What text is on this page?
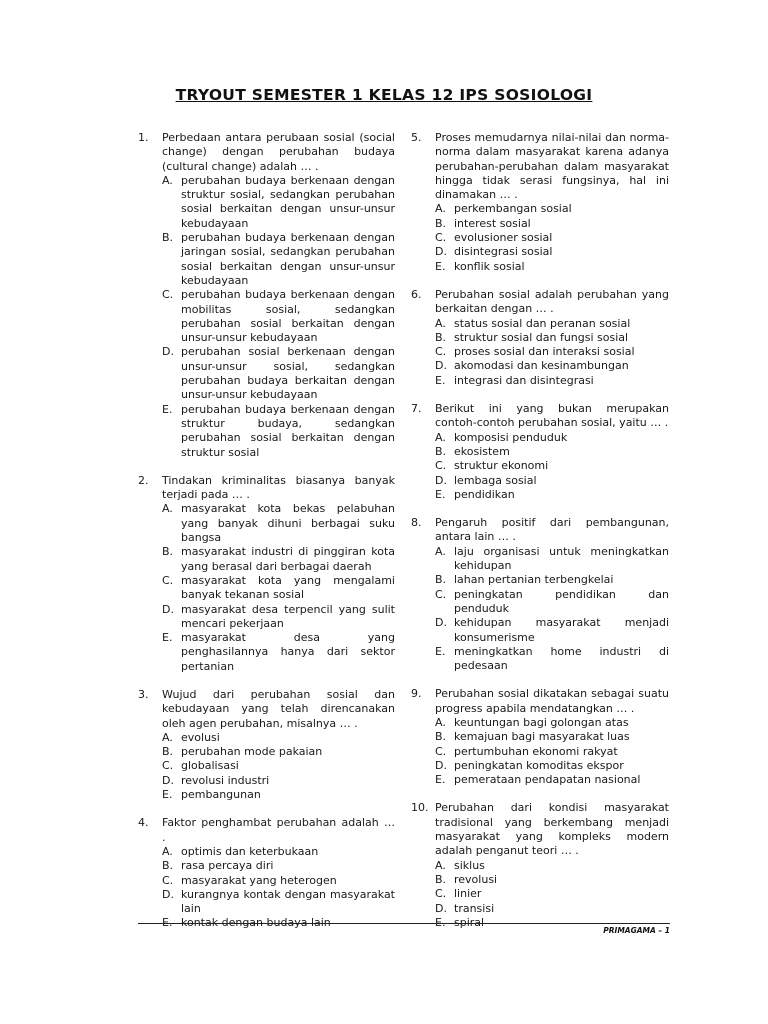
TRYOUT SEMESTER 1 KELAS 12 IPS SOSIOLOGI
1.	Perbedaan antara perubaan sosial (social change) dengan perubahan budaya (cultural change) adalah … .
A. perubahan budaya berkenaan dengan struktur sosial, sedangkan perubahan sosial berkaitan dengan unsur-unsur kebudayaan
B. perubahan budaya berkenaan dengan jaringan sosial, sedangkan perubahan sosial berkaitan dengan unsur-unsur kebudayaan
C. perubahan budaya berkenaan dengan mobilitas sosial, sedangkan perubahan sosial berkaitan dengan unsur-unsur kebudayaan
D. perubahan sosial berkenaan dengan unsur-unsur sosial, sedangkan perubahan budaya berkaitan dengan unsur-unsur kebudayaan
E. perubahan budaya berkenaan dengan struktur budaya, sedangkan perubahan sosial berkaitan dengan struktur sosial
2.	Tindakan kriminalitas biasanya banyak terjadi pada … .
A. masyarakat kota bekas pelabuhan yang banyak dihuni berbagai suku bangsa
B. masyarakat industri di pinggiran kota yang berasal dari berbagai daerah
C. masyarakat kota yang mengalami banyak tekanan sosial
D. masyarakat desa terpencil yang sulit mencari pekerjaan
E. masyarakat desa yang penghasilannya hanya dari sektor pertanian
3.	Wujud dari perubahan sosial dan kebudayaan yang telah direncanakan oleh agen perubahan, misalnya … .
A. evolusi
B. perubahan mode pakaian
C. globalisasi
D. revolusi industri
E. pembangunan
4.	Faktor penghambat perubahan adalah … .
A. optimis dan keterbukaan
B. rasa percaya diri
C. masyarakat yang heterogen
D. kurangnya kontak dengan masyarakat lain
E. kontak dengan budaya lain
5.	Proses memudarnya nilai-nilai dan norma-norma dalam masyarakat karena adanya perubahan-perubahan dalam masyarakat hingga tidak serasi fungsinya, hal ini dinamakan … .
A. perkembangan sosial
B. interest sosial
C. evolusioner sosial
D. disintegrasi sosial
E. konflik sosial
6.	Perubahan sosial adalah perubahan yang berkaitan dengan … .
A. status sosial dan peranan sosial
B. struktur sosial dan fungsi sosial
C. proses sosial dan interaksi sosial
D. akomodasi dan kesinambungan
E. integrasi dan disintegrasi
7.	Berikut ini yang bukan merupakan contoh-contoh perubahan sosial, yaitu … .
A. komposisi penduduk
B. ekosistem
C. struktur ekonomi
D. lembaga sosial
E. pendidikan
8.	Pengaruh positif dari pembangunan, antara lain … .
A. laju organisasi untuk meningkatkan kehidupan
B. lahan pertanian terbengkelai
C. peningkatan pendidikan dan penduduk
D. kehidupan masyarakat menjadi konsumerisme
E. meningkatkan home industri di pedesaan
9.	Perubahan sosial dikatakan sebagai suatu progress apabila mendatangkan … .
A. keuntungan bagi golongan atas
B. kemajuan bagi masyarakat luas
C. pertumbuhan ekonomi rakyat
D. peningkatan komoditas ekspor
E. pemerataan pendapatan nasional
10. Perubahan dari kondisi masyarakat tradisional yang berkembang menjadi masyarakat yang kompleks modern adalah penganut teori … .
A. siklus
B. revolusi
C. linier
D. transisi
E. spiral
PRIMAGAMA – 1
